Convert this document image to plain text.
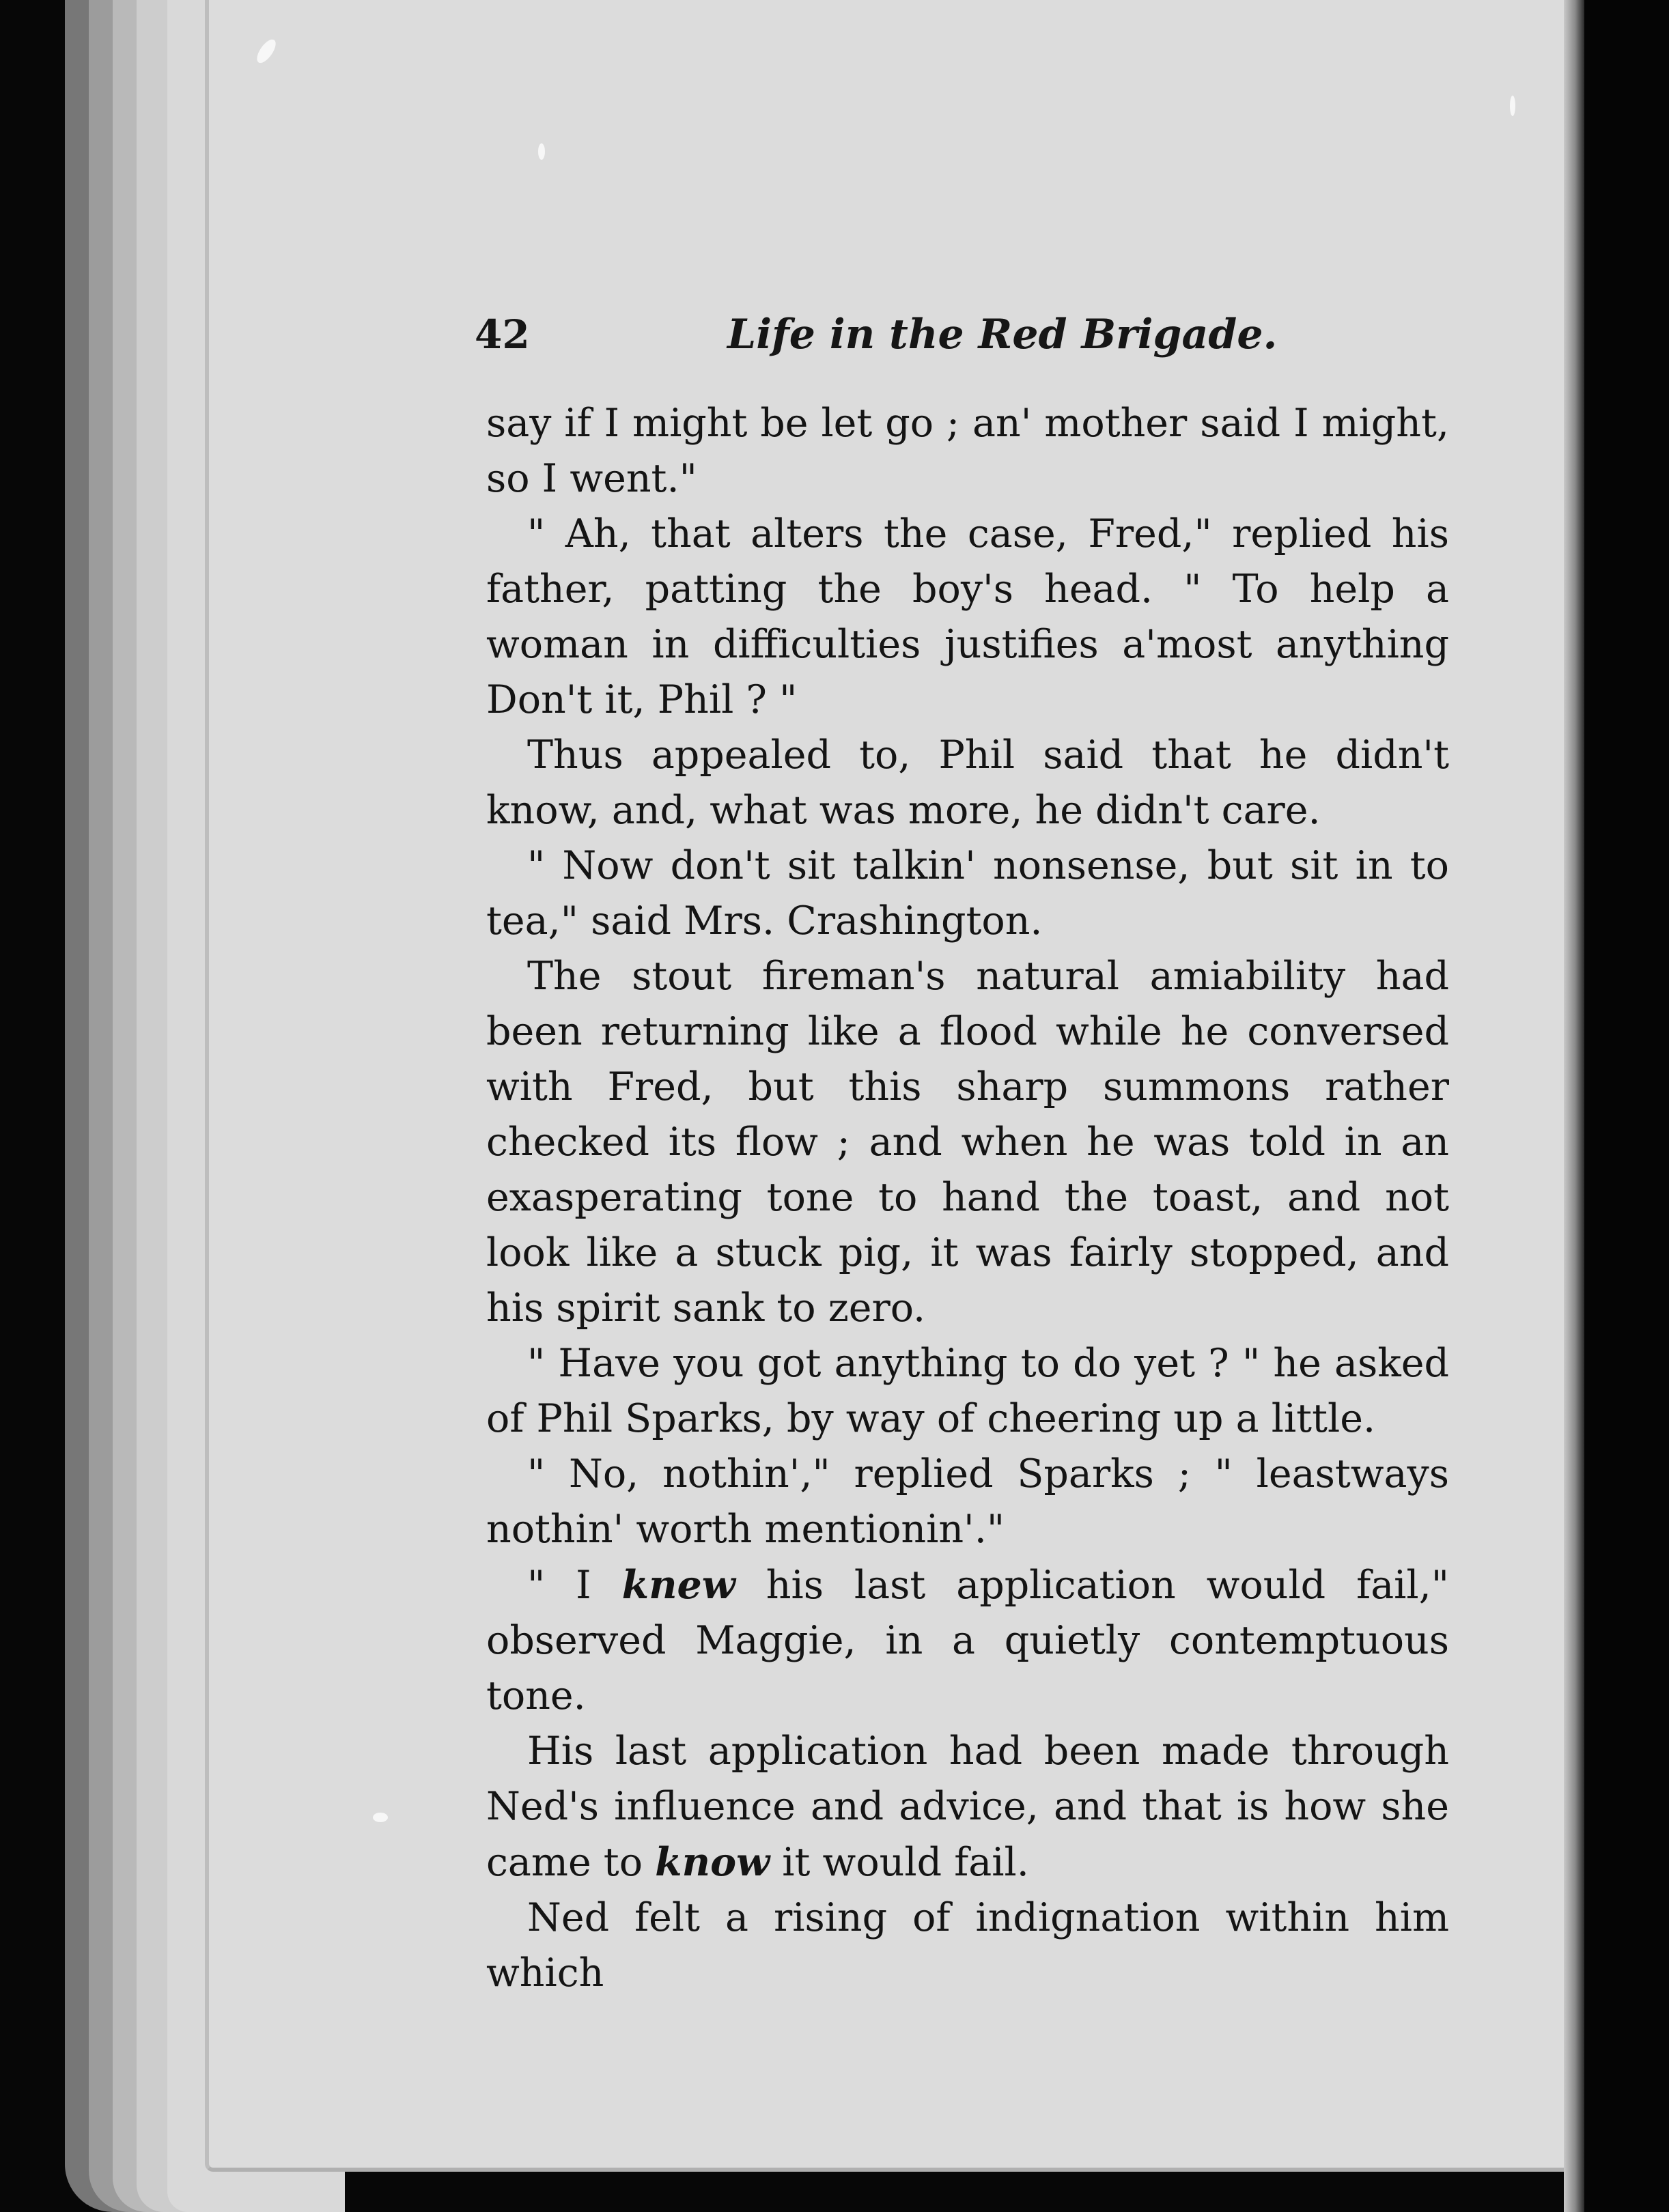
42	Life in the Red Brigade.

say if I might be let go ; an' mother said I might, so I went."

" Ah, that alters the case, Fred," replied his father, patting the boy's head. " To help a woman in difficulties justifies a'most anything Don't it, Phil ? "

Thus appealed to, Phil said that he didn't know, and, what was more, he didn't care.

" Now don't sit talkin' nonsense, but sit in to tea," said Mrs. Crashington.

The stout fireman's natural amiability had been returning like a flood while he conversed with Fred, but this sharp summons rather checked its flow ; and when he was told in an exasperating tone to hand the toast, and not look like a stuck pig, it was fairly stopped, and his spirit sank to zero.

" Have you got anything to do yet ? " he asked of Phil Sparks, by way of cheering up a little.

" No, nothin'," replied Sparks ; " leastways nothin' worth mentionin'."

" I knew his last application would fail," observed Maggie, in a quietly contemptuous tone.

His last application had been made through Ned's influence and advice, and that is how she came to know it would fail.

Ned felt a rising of indignation within him which
